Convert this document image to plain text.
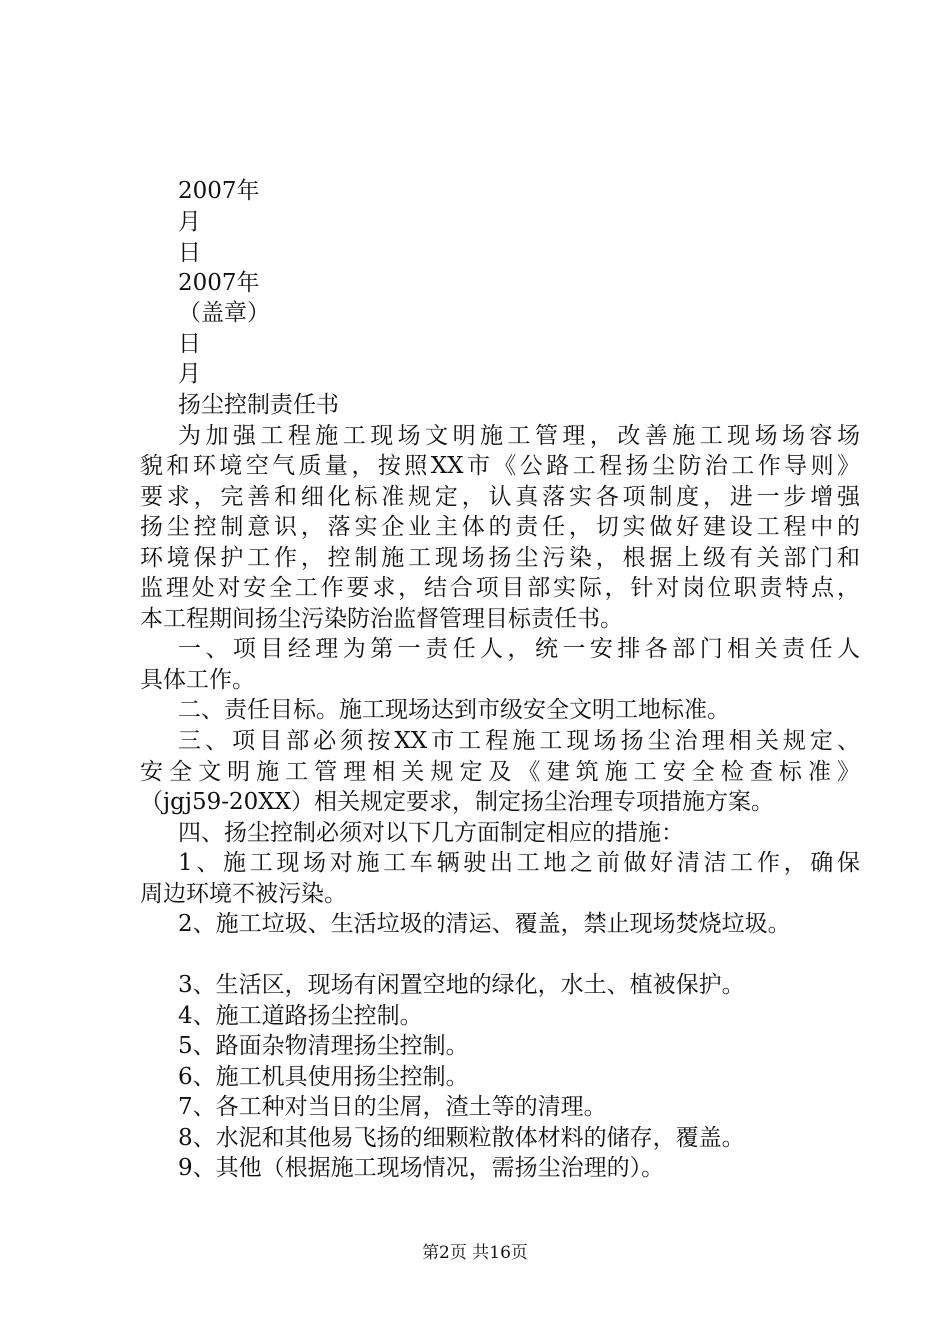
2007年
月
日
2007年
（盖章）
日
月
扬尘控制责任书
为加强工程施工现场文明施工管理，改善施工现场场容场
貌和环境空气质量，按照XX市《公路工程扬尘防治工作导则》
要求，完善和细化标准规定，认真落实各项制度，进一步增强
扬尘控制意识，落实企业主体的责任，切实做好建设工程中的
环境保护工作，控制施工现场扬尘污染，根据上级有关部门和
监理处对安全工作要求，结合项目部实际，针对岗位职责特点，
本工程期间扬尘污染防治监督管理目标责任书。
一、项目经理为第一责任人，统一安排各部门相关责任人
具体工作。
二、责任目标。施工现场达到市级安全文明工地标准。
三、项目部必须按XX市工程施工现场扬尘治理相关规定、
安全文明施工管理相关规定及《建筑施工安全检查标准》
（jgj59-20XX）相关规定要求，制定扬尘治理专项措施方案。
四、扬尘控制必须对以下几方面制定相应的措施：
1、施工现场对施工车辆驶出工地之前做好清洁工作，确保
周边环境不被污染。
2、施工垃圾、生活垃圾的清运、覆盖，禁止现场焚烧垃圾。
3、生活区，现场有闲置空地的绿化，水土、植被保护。
4、施工道路扬尘控制。
5、路面杂物清理扬尘控制。
6、施工机具使用扬尘控制。
7、各工种对当日的尘屑，渣土等的清理。
8、水泥和其他易飞扬的细颗粒散体材料的储存，覆盖。
9、其他（根据施工现场情况，需扬尘治理的）。
第2页 共16页
